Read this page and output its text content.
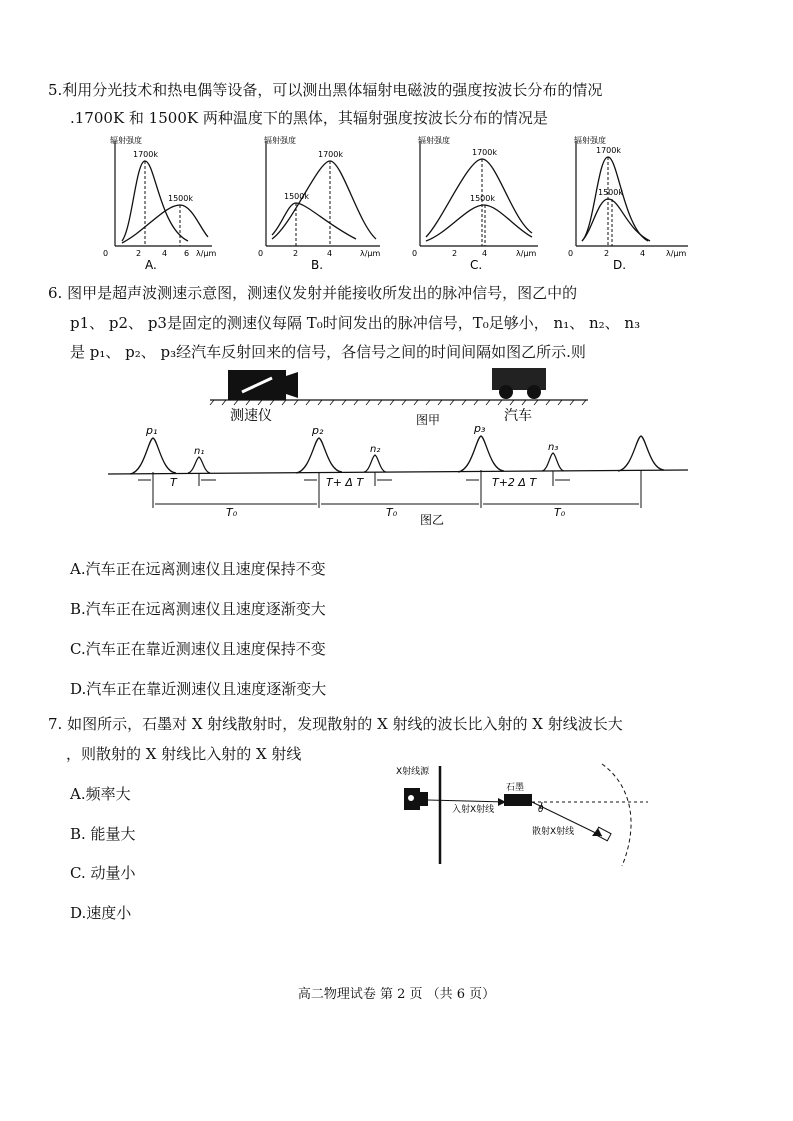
5.利用分光技术和热电偶等设备，可以测出黑体辐射电磁波的强度按波长分布的情况
.1700K 和 1500K 两种温度下的黑体，其辐射强度按波长分布的情况是
辐射强度
1700k
1500k
0	2	4 6 λ/μm
A.
辐射强度
1700k
1500k
0	2	4	λ/μm
B.
辐射强度
1700k
1500k
0	2	4	λ/μm
C.
辐射强度
1700k
1500k
0	2	4	λ/μm
D.
6. 图甲是超声波测速示意图，测速仪发射并能接收所发出的脉冲信号，图乙中的
p1、 p2、 p3是固定的测速仪每隔 T₀时间发出的脉冲信号，T₀足够小， n₁、 n₂、 n₃
是 p₁、 p₂、 p₃经汽车反射回来的信号，各信号之间的时间间隔如图乙所示.则
测速仪	汽车
图甲
p₁	p₂	p₃
n₁	n₂	n₃
T	T+ Δ T	T+2 Δ T
T₀	T₀	T₀
图乙
A.汽车正在远离测速仪且速度保持不变
B.汽车正在远离测速仪且速度逐渐变大
C.汽车正在靠近测速仪且速度保持不变
D.汽车正在靠近测速仪且速度逐渐变大
7. 如图所示，石墨对 X 射线散射时，发现散射的 X 射线的波长比入射的 X 射线波长大
，则散射的 X 射线比入射的 X 射线
A.频率大
B. 能量大
C. 动量小
D.速度小
X射线源
入射X射线
石墨
θ
散射X射线
高二物理试卷 第 2 页 （共 6 页）
